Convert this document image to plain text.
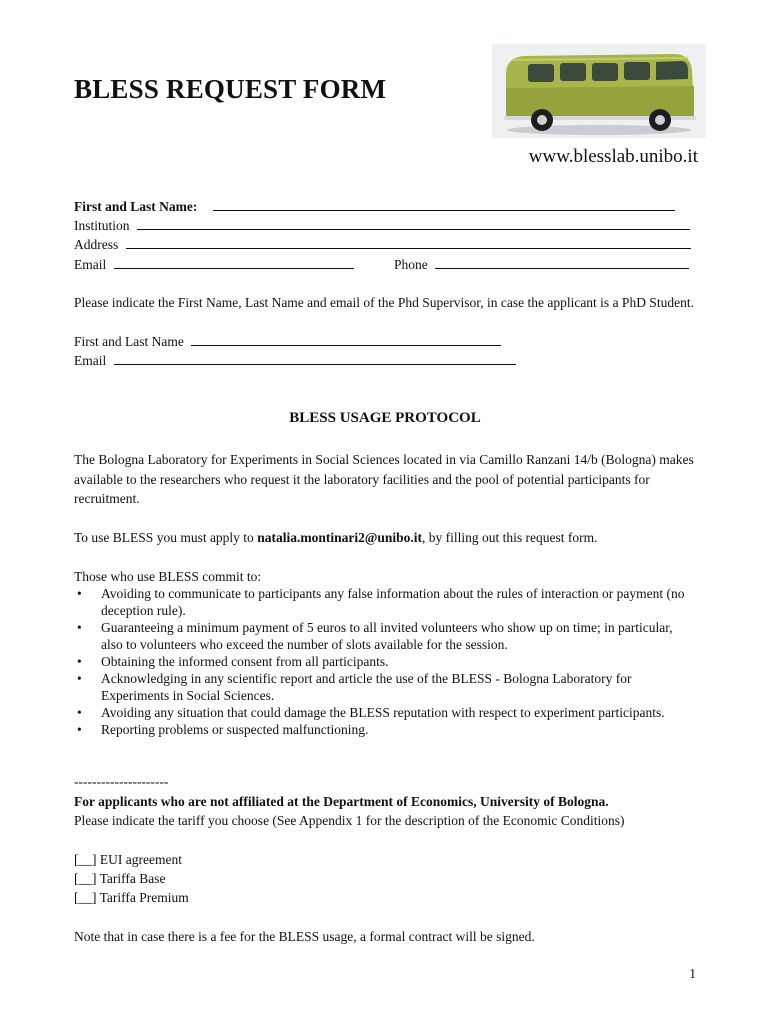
BLESS REQUEST FORM
www.blesslab.unibo.it
First and Last Name:
Institution
Address
Email	Phone
Please indicate the First Name, Last Name and email of the Phd Supervisor, in case the applicant is a PhD Student.
First and Last Name
Email
BLESS USAGE PROTOCOL
The Bologna Laboratory for Experiments in Social Sciences located in via Camillo Ranzani 14/b (Bologna) makes available to the researchers who request it the laboratory facilities and the pool of potential participants for recruitment.
To use BLESS you must apply to natalia.montinari2@unibo.it, by filling out this request form.
Those who use BLESS commit to:
• Avoiding to communicate to participants any false information about the rules of interaction or payment (no deception rule).
• Guaranteeing a minimum payment of 5 euros to all invited volunteers who show up on time; in particular, also to volunteers who exceed the number of slots available for the session.
• Obtaining the informed consent from all participants.
• Acknowledging in any scientific report and article the use of the BLESS - Bologna Laboratory for Experiments in Social Sciences.
• Avoiding any situation that could damage the BLESS reputation with respect to experiment participants.
• Reporting problems or suspected malfunctioning.
---------------------
For applicants who are not affiliated at the Department of Economics, University of Bologna.
Please indicate the tariff you choose (See Appendix 1 for the description of the Economic Conditions)
[__] EUI agreement
[__] Tariffa Base
[__] Tariffa Premium
Note that in case there is a fee for the BLESS usage, a formal contract will be signed.
1
